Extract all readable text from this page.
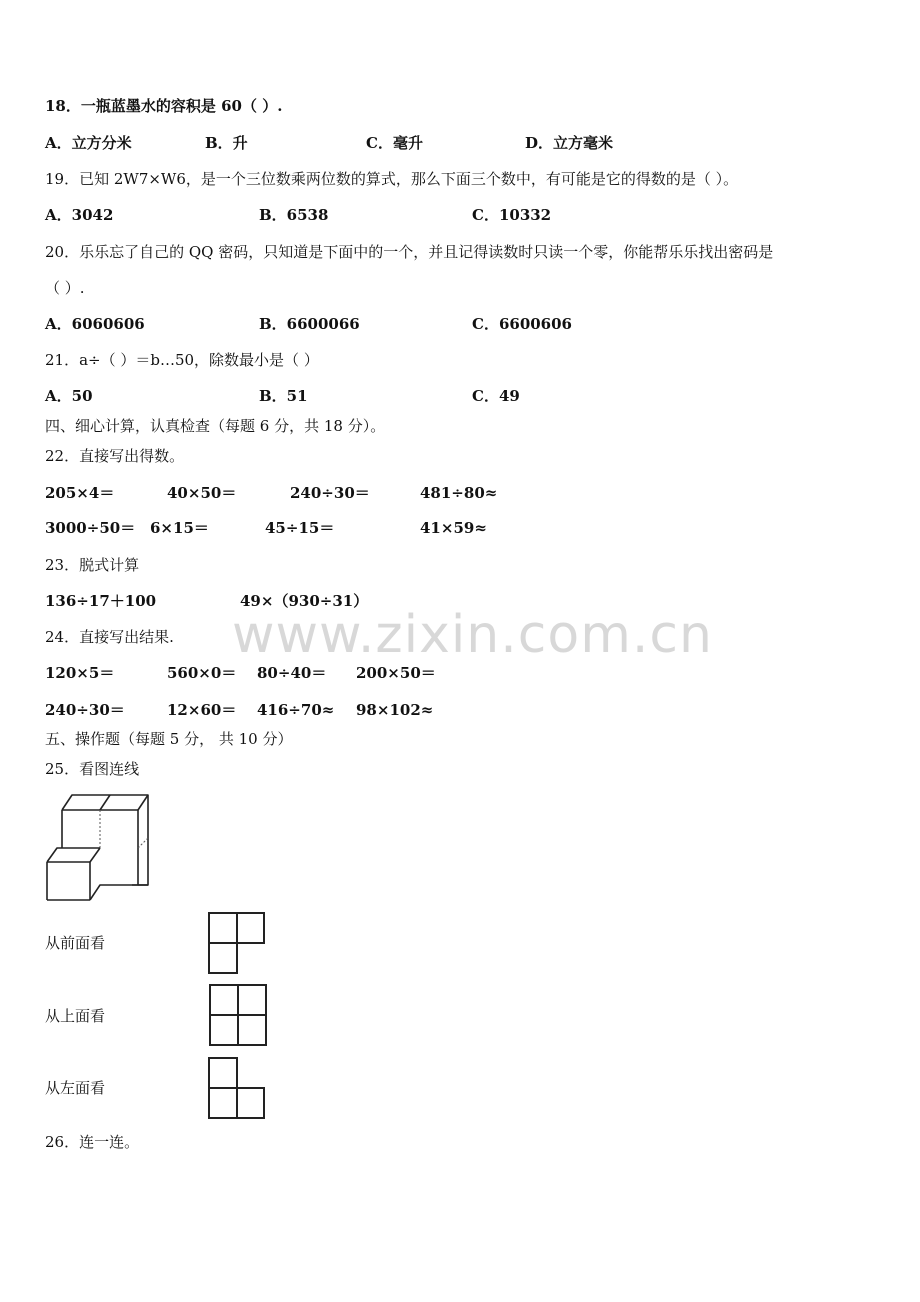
18．一瓶蓝墨水的容积是 60（ ）.
A．立方分米	B．升	C．毫升	D．立方毫米
19．已知 2W7×W6，是一个三位数乘两位数的算式，那么下面三个数中，有可能是它的得数的是（ ）。
A．3042	B．6538	C．10332
20．乐乐忘了自己的 QQ 密码，只知道是下面中的一个，并且记得读数时只读一个零，你能帮乐乐找出密码是
（ ）.
A．6060606	B．6600066	C．6600606
21．a÷（ ）＝b…50，除数最小是（ ）
A．50	B．51	C．49
四、细心计算，认真检查（每题 6 分，共 18 分）。
22．直接写出得数。
205×4＝	40×50＝	240÷30＝	481÷80≈
3000÷50＝ 6×15＝	45÷15＝	41×59≈
23．脱式计算
136÷17＋100	49×（930÷31）
www.zixin.com.cn
24．直接写出结果.
120×5＝	560×0＝ 80÷40＝ 200×50＝
240÷30＝	12×60＝ 416÷70≈ 98×102≈
五、操作题（每题 5 分， 共 10 分）
25．看图连线
从前面看
从上面看
从左面看
26．连一连。
